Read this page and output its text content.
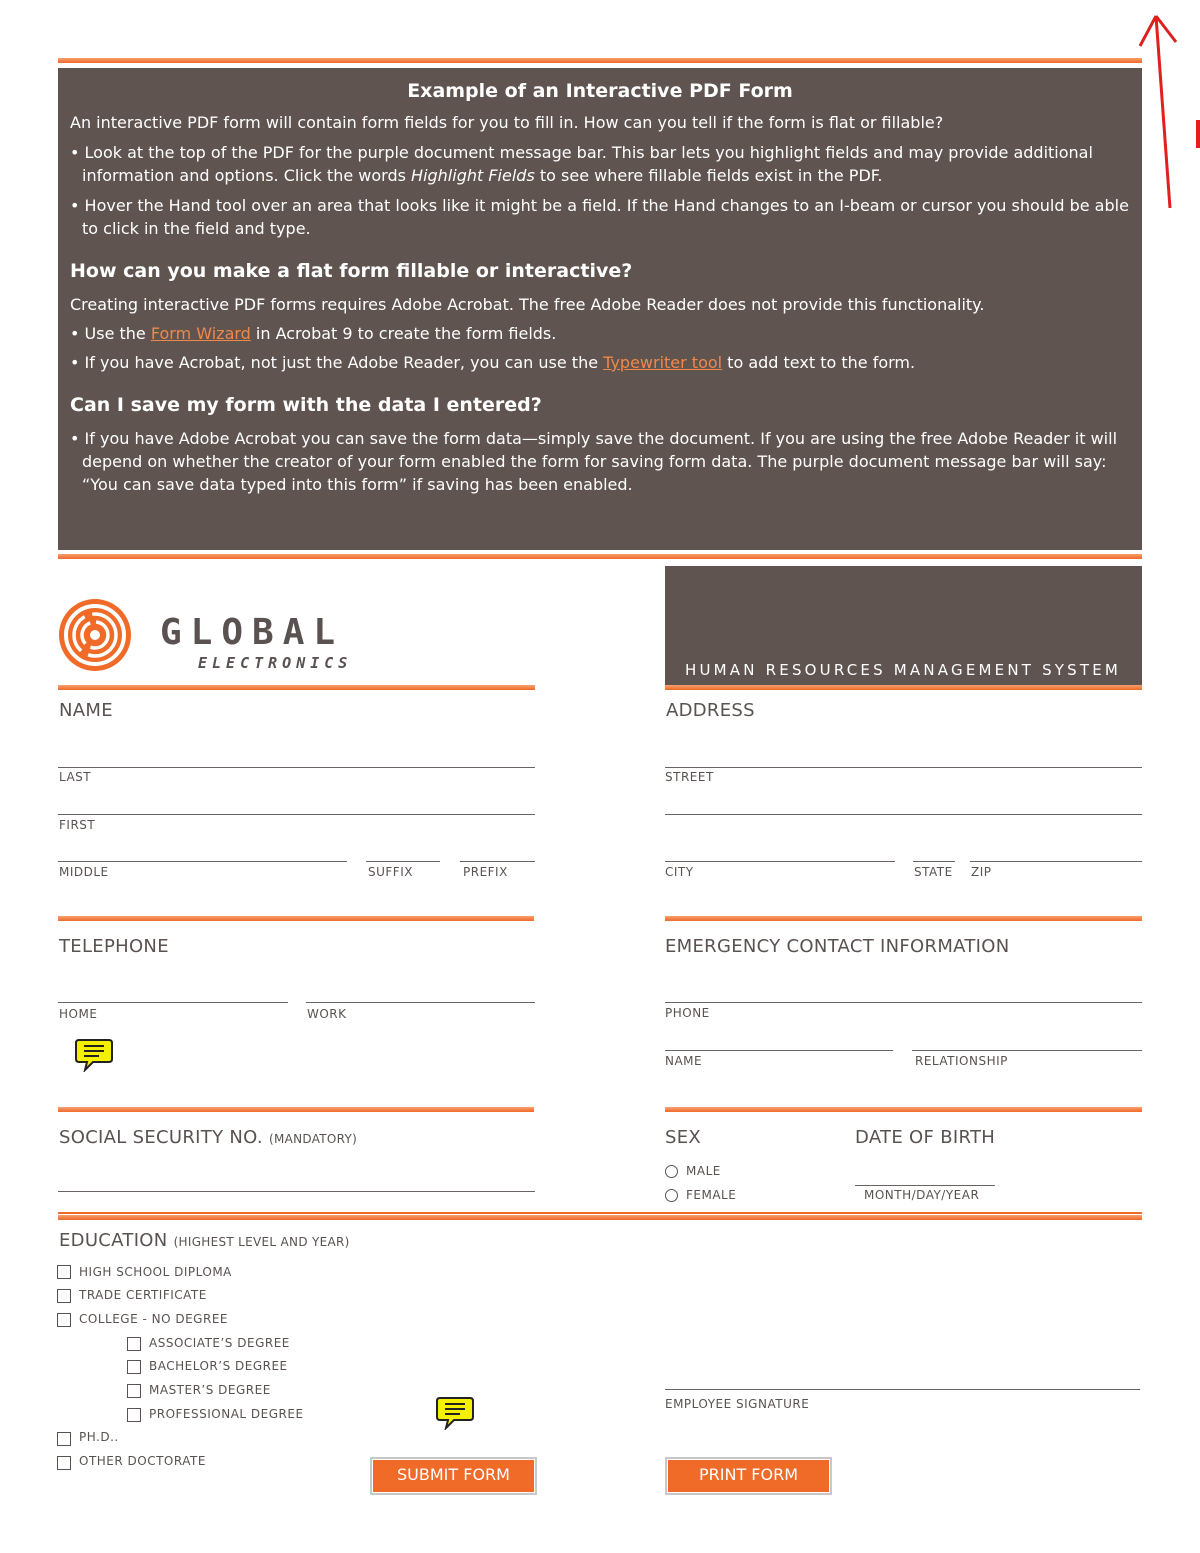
Example of an Interactive PDF Form
An interactive PDF form will contain form fields for you to fill in. How can you tell if the form is flat or fillable?
• Look at the top of the PDF for the purple document message bar. This bar lets you highlight fields and may provide additional information and options. Click the words Highlight Fields to see where fillable fields exist in the PDF.
• Hover the Hand tool over an area that looks like it might be a field. If the Hand changes to an I-beam or cursor you should be able to click in the field and type.
How can you make a flat form fillable or interactive?
Creating interactive PDF forms requires Adobe Acrobat. The free Adobe Reader does not provide this functionality.
• Use the Form Wizard in Acrobat 9 to create the form fields.
• If you have Acrobat, not just the Adobe Reader, you can use the Typewriter tool to add text to the form.
Can I save my form with the data I entered?
• If you have Adobe Acrobat you can save the form data—simply save the document. If you are using the free Adobe Reader it will depend on whether the creator of your form enabled the form for saving form data. The purple document message bar will say: “You can save data typed into this form” if saving has been enabled.
GLOBAL
ELECTRONICS	HUMAN RESOURCES MANAGEMENT SYSTEM
NAME
LAST
FIRST
MIDDLE	SUFFIX	PREFIX
ADDRESS
STREET
CITY	STATE ZIP
TELEPHONE
HOME	WORK
EMERGENCY CONTACT INFORMATION
PHONE
NAME	RELATIONSHIP
SOCIAL SECURITY NO. (MANDATORY)	SEX
MALE
FEMALE
DATE OF BIRTH
MONTH/DAY/YEAR
EDUCATION (HIGHEST LEVEL AND YEAR)
HIGH SCHOOL DIPLOMA
TRADE CERTIFICATE
COLLEGE - NO DEGREE
ASSOCIATE’S DEGREE
BACHELOR’S DEGREE
MASTER’S DEGREE
PROFESSIONAL DEGREE
PH.D..
OTHER DOCTORATE
EMPLOYEE SIGNATURE
SUBMIT FORM	PRINT FORM
